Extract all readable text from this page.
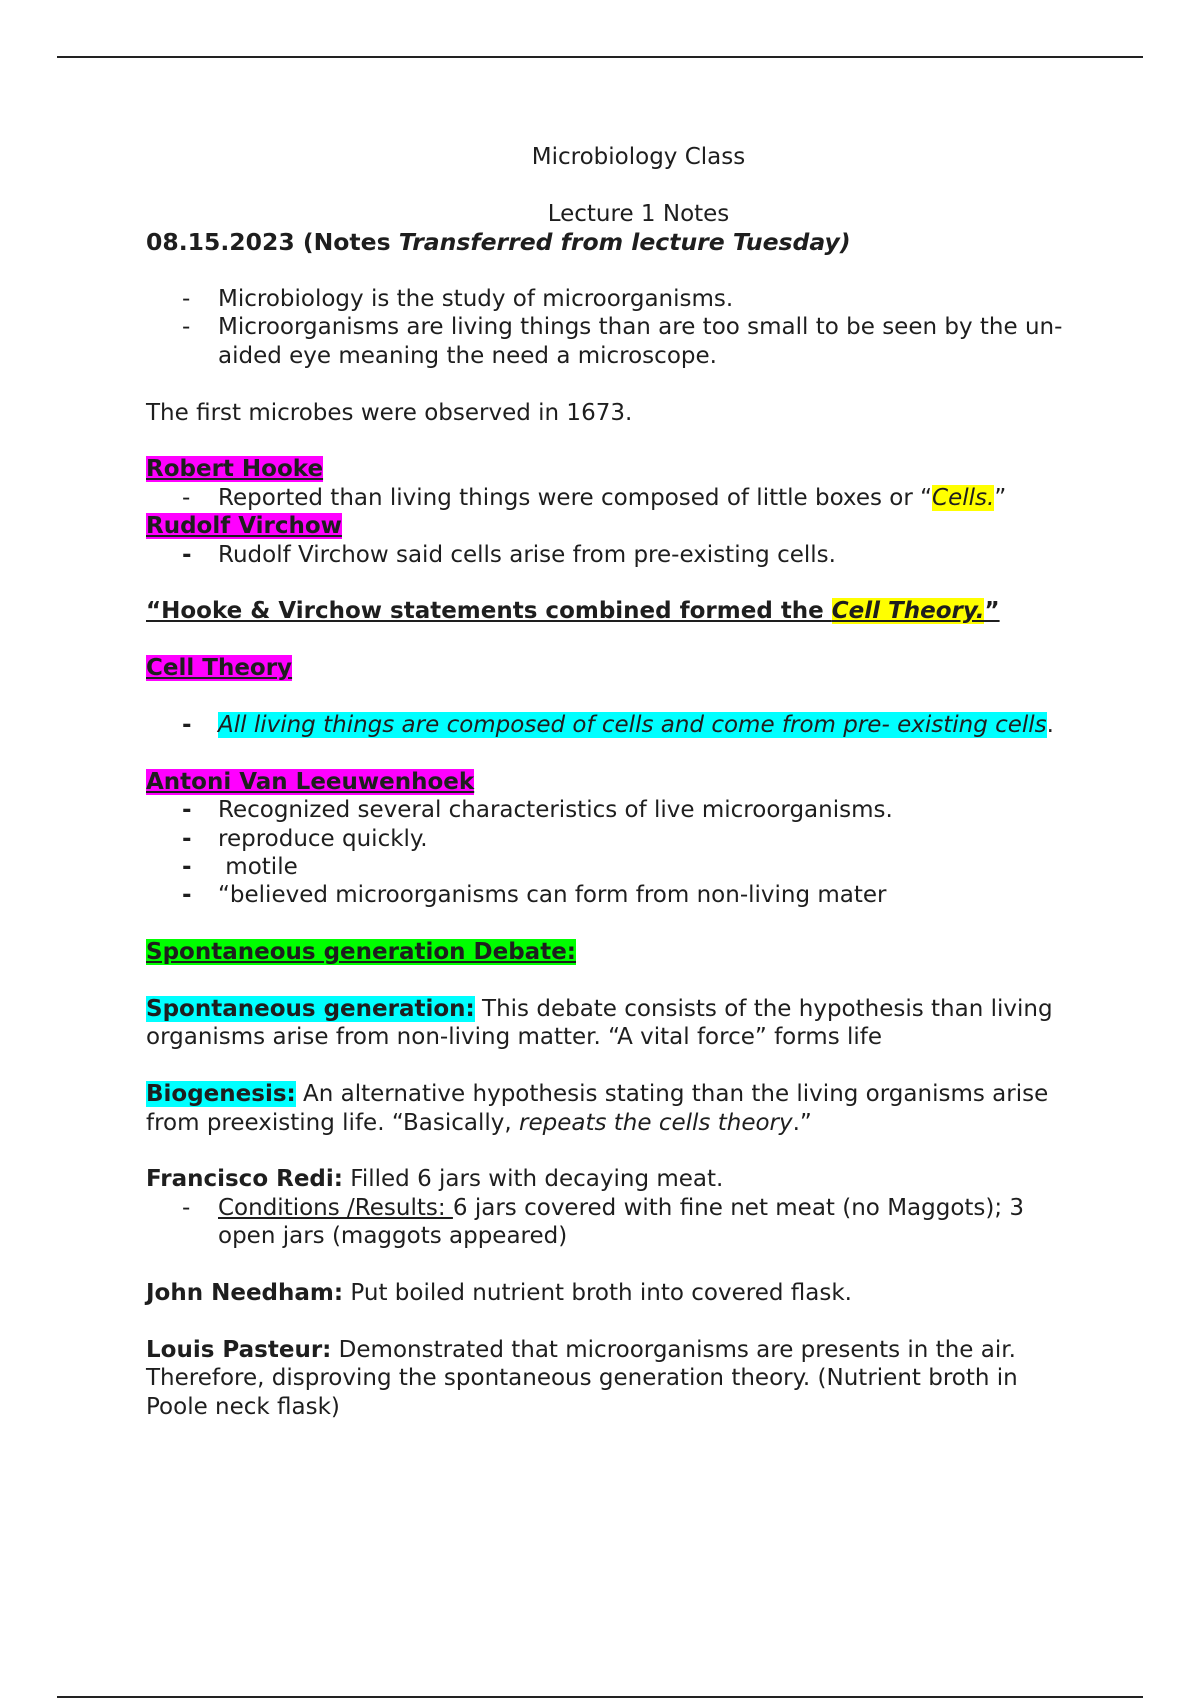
Microbiology Class
Lecture 1 Notes
08.15.2023 (Notes Transferred from lecture Tuesday)
- Microbiology is the study of microorganisms.
- Microorganisms are living things than are too small to be seen by the un-aided eye meaning the need a microscope.
The first microbes were observed in 1673.
Robert Hooke
- Reported than living things were composed of little boxes or “Cells.”
Rudolf Virchow
- Rudolf Virchow said cells arise from pre-existing cells.
“Hooke & Virchow statements combined formed the Cell Theory.”
Cell Theory
- All living things are composed of cells and come from pre- existing cells.
Antoni Van Leeuwenhoek
- Recognized several characteristics of live microorganisms.
- reproduce quickly.
- motile
- “believed microorganisms can form from non-living mater
Spontaneous generation Debate:
Spontaneous generation: This debate consists of the hypothesis than living organisms arise from non-living matter. “A vital force” forms life
Biogenesis: An alternative hypothesis stating than the living organisms arise from preexisting life. “Basically, repeats the cells theory.”
Francisco Redi: Filled 6 jars with decaying meat.
- Conditions /Results: 6 jars covered with fine net meat (no Maggots); 3 open jars (maggots appeared)
John Needham: Put boiled nutrient broth into covered flask.
Louis Pasteur: Demonstrated that microorganisms are presents in the air. Therefore, disproving the spontaneous generation theory. (Nutrient broth in Poole neck flask)
